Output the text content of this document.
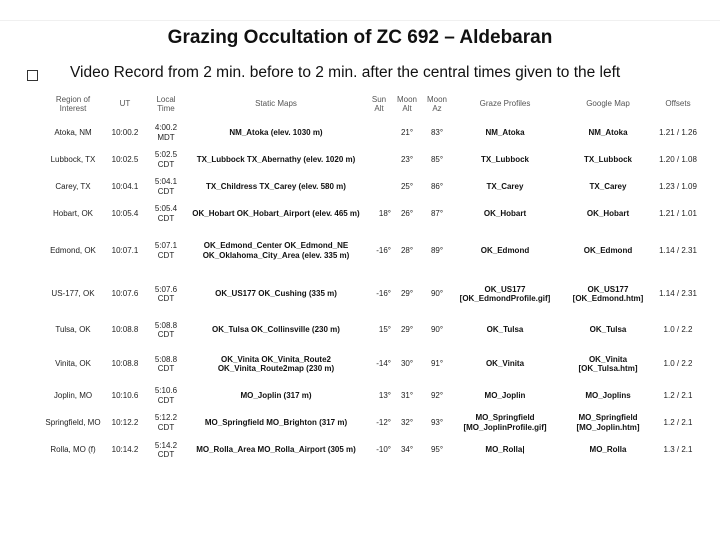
Grazing Occultation of ZC 692 – Aldebaran
Video Record from 2 min. before to 2 min. after the central times given to the left
Region of Interest	UT	Local Time	Static Maps	Sun Alt	Moon Alt	Moon Az	Graze Profiles	Google Map	Offsets
Atoka, NM	10:00.2	4:00.2 MDT	NM_Atoka (elev. 1030 m)		21°	83°	NM_Atoka	NM_Atoka	1.21 / 1.26
Lubbock, TX	10:02.5	5:02.5 CDT	TX_Lubbock TX_Abernathy (elev. 1020 m)		23°	85°	TX_Lubbock	TX_Lubbock	1.20 / 1.08
Carey, TX	10:04.1	5:04.1 CDT	TX_Childress TX_Carey (elev. 580 m)		25°	86°	TX_Carey	TX_Carey	1.23 / 1.09
Hobart, OK	10:05.4	5:05.4 CDT	OK_Hobart OK_Hobart_Airport (elev. 465 m)	18°	26°	87°	OK_Hobart	OK_Hobart	1.21 / 1.01
Edmond, OK	10:07.1	5:07.1 CDT	OK_Edmond_Center OK_Edmond_NE OK_Oklahoma_City_Area (elev. 335 m)	-16°	28°	89°	OK_Edmond	OK_Edmond	1.14 / 2.31
US-177, OK	10:07.6	5:07.6 CDT	OK_US177 OK_Cushing (335 m)	-16°	29°	90°	OK_US177 [OK_EdmondProfile.gif]	OK_US177 [OK_Edmond.htm]	1.14 / 2.31
Tulsa, OK	10:08.8	5:08.8 CDT	OK_Tulsa OK_Collinsville (230 m)	15°	29°	90°	OK_Tulsa	OK_Tulsa	1.0 / 2.2
Vinita, OK	10:08.8	5:08.8 CDT	OK_Vinita OK_Vinita_Route2 OK_Vinita_Route2map (230 m)	-14°	30°	91°	OK_Vinita	OK_Vinita [OK_Tulsa.htm]	1.0 / 2.2
Joplin, MO	10:10.6	5:10.6 CDT	MO_Joplin (317 m)	13°	31°	92°	MO_Joplin	MO_Joplins	1.2 / 2.1
Springfield, MO	10:12.2	5:12.2 CDT	MO_Springfield MO_Brighton (317 m)	-12°	32°	93°	MO_Springfield [MO_JoplinProfile.gif]	MO_Springfield [MO_Joplin.htm]	1.2 / 2.1
Rolla, MO (f)	10:14.2	5:14.2 CDT	MO_Rolla_Area MO_Rolla_Airport (305 m)	-10°	34°	95°	MO_Rolla|	MO_Rolla	1.3 / 2.1
